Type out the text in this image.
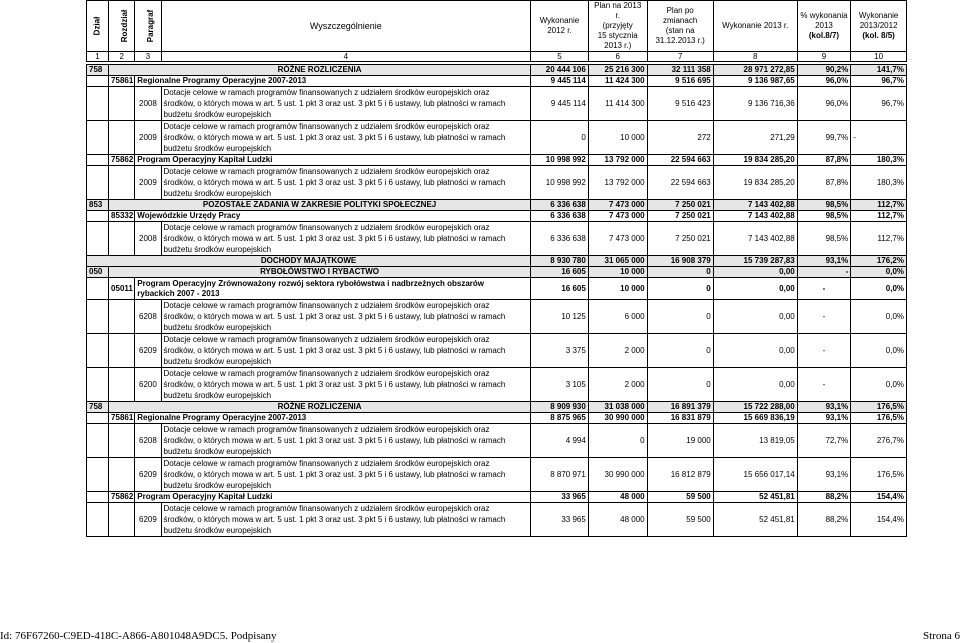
Dział	Rozdział	Paragraf	Wyszczególnienie	Wykonanie
2012 r.	Plan na 2013 r.
(przyjęty
15 stycznia
2013 r.)	Plan po zmianach
(stan na
31.12.2013 r.)	Wykonanie 2013 r.	% wykonania
2013
(kol.8/7)	Wykonanie
2013/2012
(kol. 8/5)
1	2	3	4	5	6	7	8	9	10

758	RÓŻNE ROZLICZENIA			20 444 106	25 216 300	32 111 358	28 971 272,85	90,2%	141,7%
	75861	Regionalne Programy Operacyjne 2007-2013		9 445 114	11 424 300	9 516 695	9 136 987,65	96,0%	96,7%
		2008	Dotacje celowe w ramach programów finansowanych z udziałem środków europejskich oraz
środków, o których mowa w art. 5 ust. 1 pkt 3 oraz ust. 3 pkt 5 i 6 ustawy, lub płatności w ramach
budżetu środków europejskich	9 445 114	11 414 300	9 516 423	9 136 716,36	96,0%	96,7%
		2009	Dotacje celowe w ramach programów finansowanych z udziałem środków europejskich oraz
środków, o których mowa w art. 5 ust. 1 pkt 3 oraz ust. 3 pkt 5 i 6 ustawy, lub płatności w ramach
budżetu środków europejskich	0	10 000	272	271,29	99,7%	-
	75862	Program Operacyjny Kapitał Ludzki		10 998 992	13 792 000	22 594 663	19 834 285,20	87,8%	180,3%
		2009	Dotacje celowe w ramach programów finansowanych z udziałem środków europejskich oraz
środków, o których mowa w art. 5 ust. 1 pkt 3 oraz ust. 3 pkt 5 i 6 ustawy, lub płatności w ramach
budżetu środków europejskich	10 998 992	13 792 000	22 594 663	19 834 285,20	87,8%	180,3%
853	POZOSTAŁE ZADANIA W ZAKRESIE POLITYKI SPOŁECZNEJ			6 336 638	7 473 000	7 250 021	7 143 402,88	98,5%	112,7%
	85332	Wojewódzkie Urzędy Pracy		6 336 638	7 473 000	7 250 021	7 143 402,88	98,5%	112,7%
		2008	Dotacje celowe w ramach programów finansowanych z udziałem środków europejskich oraz
środków, o których mowa w art. 5 ust. 1 pkt 3 oraz ust. 3 pkt 5 i 6 ustawy, lub płatności w ramach
budżetu środków europejskich	6 336 638	7 473 000	7 250 021	7 143 402,88	98,5%	112,7%
DOCHODY MAJĄTKOWE				8 930 780	31 065 000	16 908 379	15 739 287,83	93,1%	176,2%
050	RYBOŁÓWSTWO I RYBACTWO			16 605	10 000	0	0,00	-	0,0%
	05011	Program Operacyjny Zrównoważony rozwój sektora rybołówstwa i nadbrzeżnych obszarów
rybackich 2007 - 2013		16 605	10 000	0	0,00	-	0,0%
		6208	Dotacje celowe w ramach programów finansowanych z udziałem środków europejskich oraz
środków, o których mowa w art. 5 ust. 1 pkt 3 oraz ust. 3 pkt 5 i 6 ustawy, lub płatności w ramach
budżetu środków europejskich	10 125	6 000	0	0,00	-	0,0%
		6209	Dotacje celowe w ramach programów finansowanych z udziałem środków europejskich oraz
środków, o których mowa w art. 5 ust. 1 pkt 3 oraz ust. 3 pkt 5 i 6 ustawy, lub płatności w ramach
budżetu środków europejskich	3 375	2 000	0	0,00	-	0,0%
		6200	Dotacje celowe w ramach programów finansowanych z udziałem środków europejskich oraz
środków, o których mowa w art. 5 ust. 1 pkt 3 oraz ust. 3 pkt 5 i 6 ustawy, lub płatności w ramach
budżetu środków europejskich	3 105	2 000	0	0,00	-	0,0%
758	RÓŻNE ROZLICZENIA			8 909 930	31 038 000	16 891 379	15 722 288,00	93,1%	176,5%
	75861	Regionalne Programy Operacyjne 2007-2013		8 875 965	30 990 000	16 831 879	15 669 836,19	93,1%	176,5%
		6208	Dotacje celowe w ramach programów finansowanych z udziałem środków europejskich oraz
środków, o których mowa w art. 5 ust. 1 pkt 3 oraz ust. 3 pkt 5 i 6 ustawy, lub płatności w ramach
budżetu środków europejskich	4 994	0	19 000	13 819,05	72,7%	276,7%
		6209	Dotacje celowe w ramach programów finansowanych z udziałem środków europejskich oraz
środków, o których mowa w art. 5 ust. 1 pkt 3 oraz ust. 3 pkt 5 i 6 ustawy, lub płatności w ramach
budżetu środków europejskich	8 870 971	30 990 000	16 812 879	15 656 017,14	93,1%	176,5%
	75862	Program Operacyjny Kapitał Ludzki		33 965	48 000	59 500	52 451,81	88,2%	154,4%
		6209	Dotacje celowe w ramach programów finansowanych z udziałem środków europejskich oraz
środków, o których mowa w art. 5 ust. 1 pkt 3 oraz ust. 3 pkt 5 i 6 ustawy, lub płatności w ramach
budżetu środków europejskich	33 965	48 000	59 500	52 451,81	88,2%	154,4%
Id: 76F67260-C9ED-418C-A866-A801048A9DC5. Podpisany	Strona 6
